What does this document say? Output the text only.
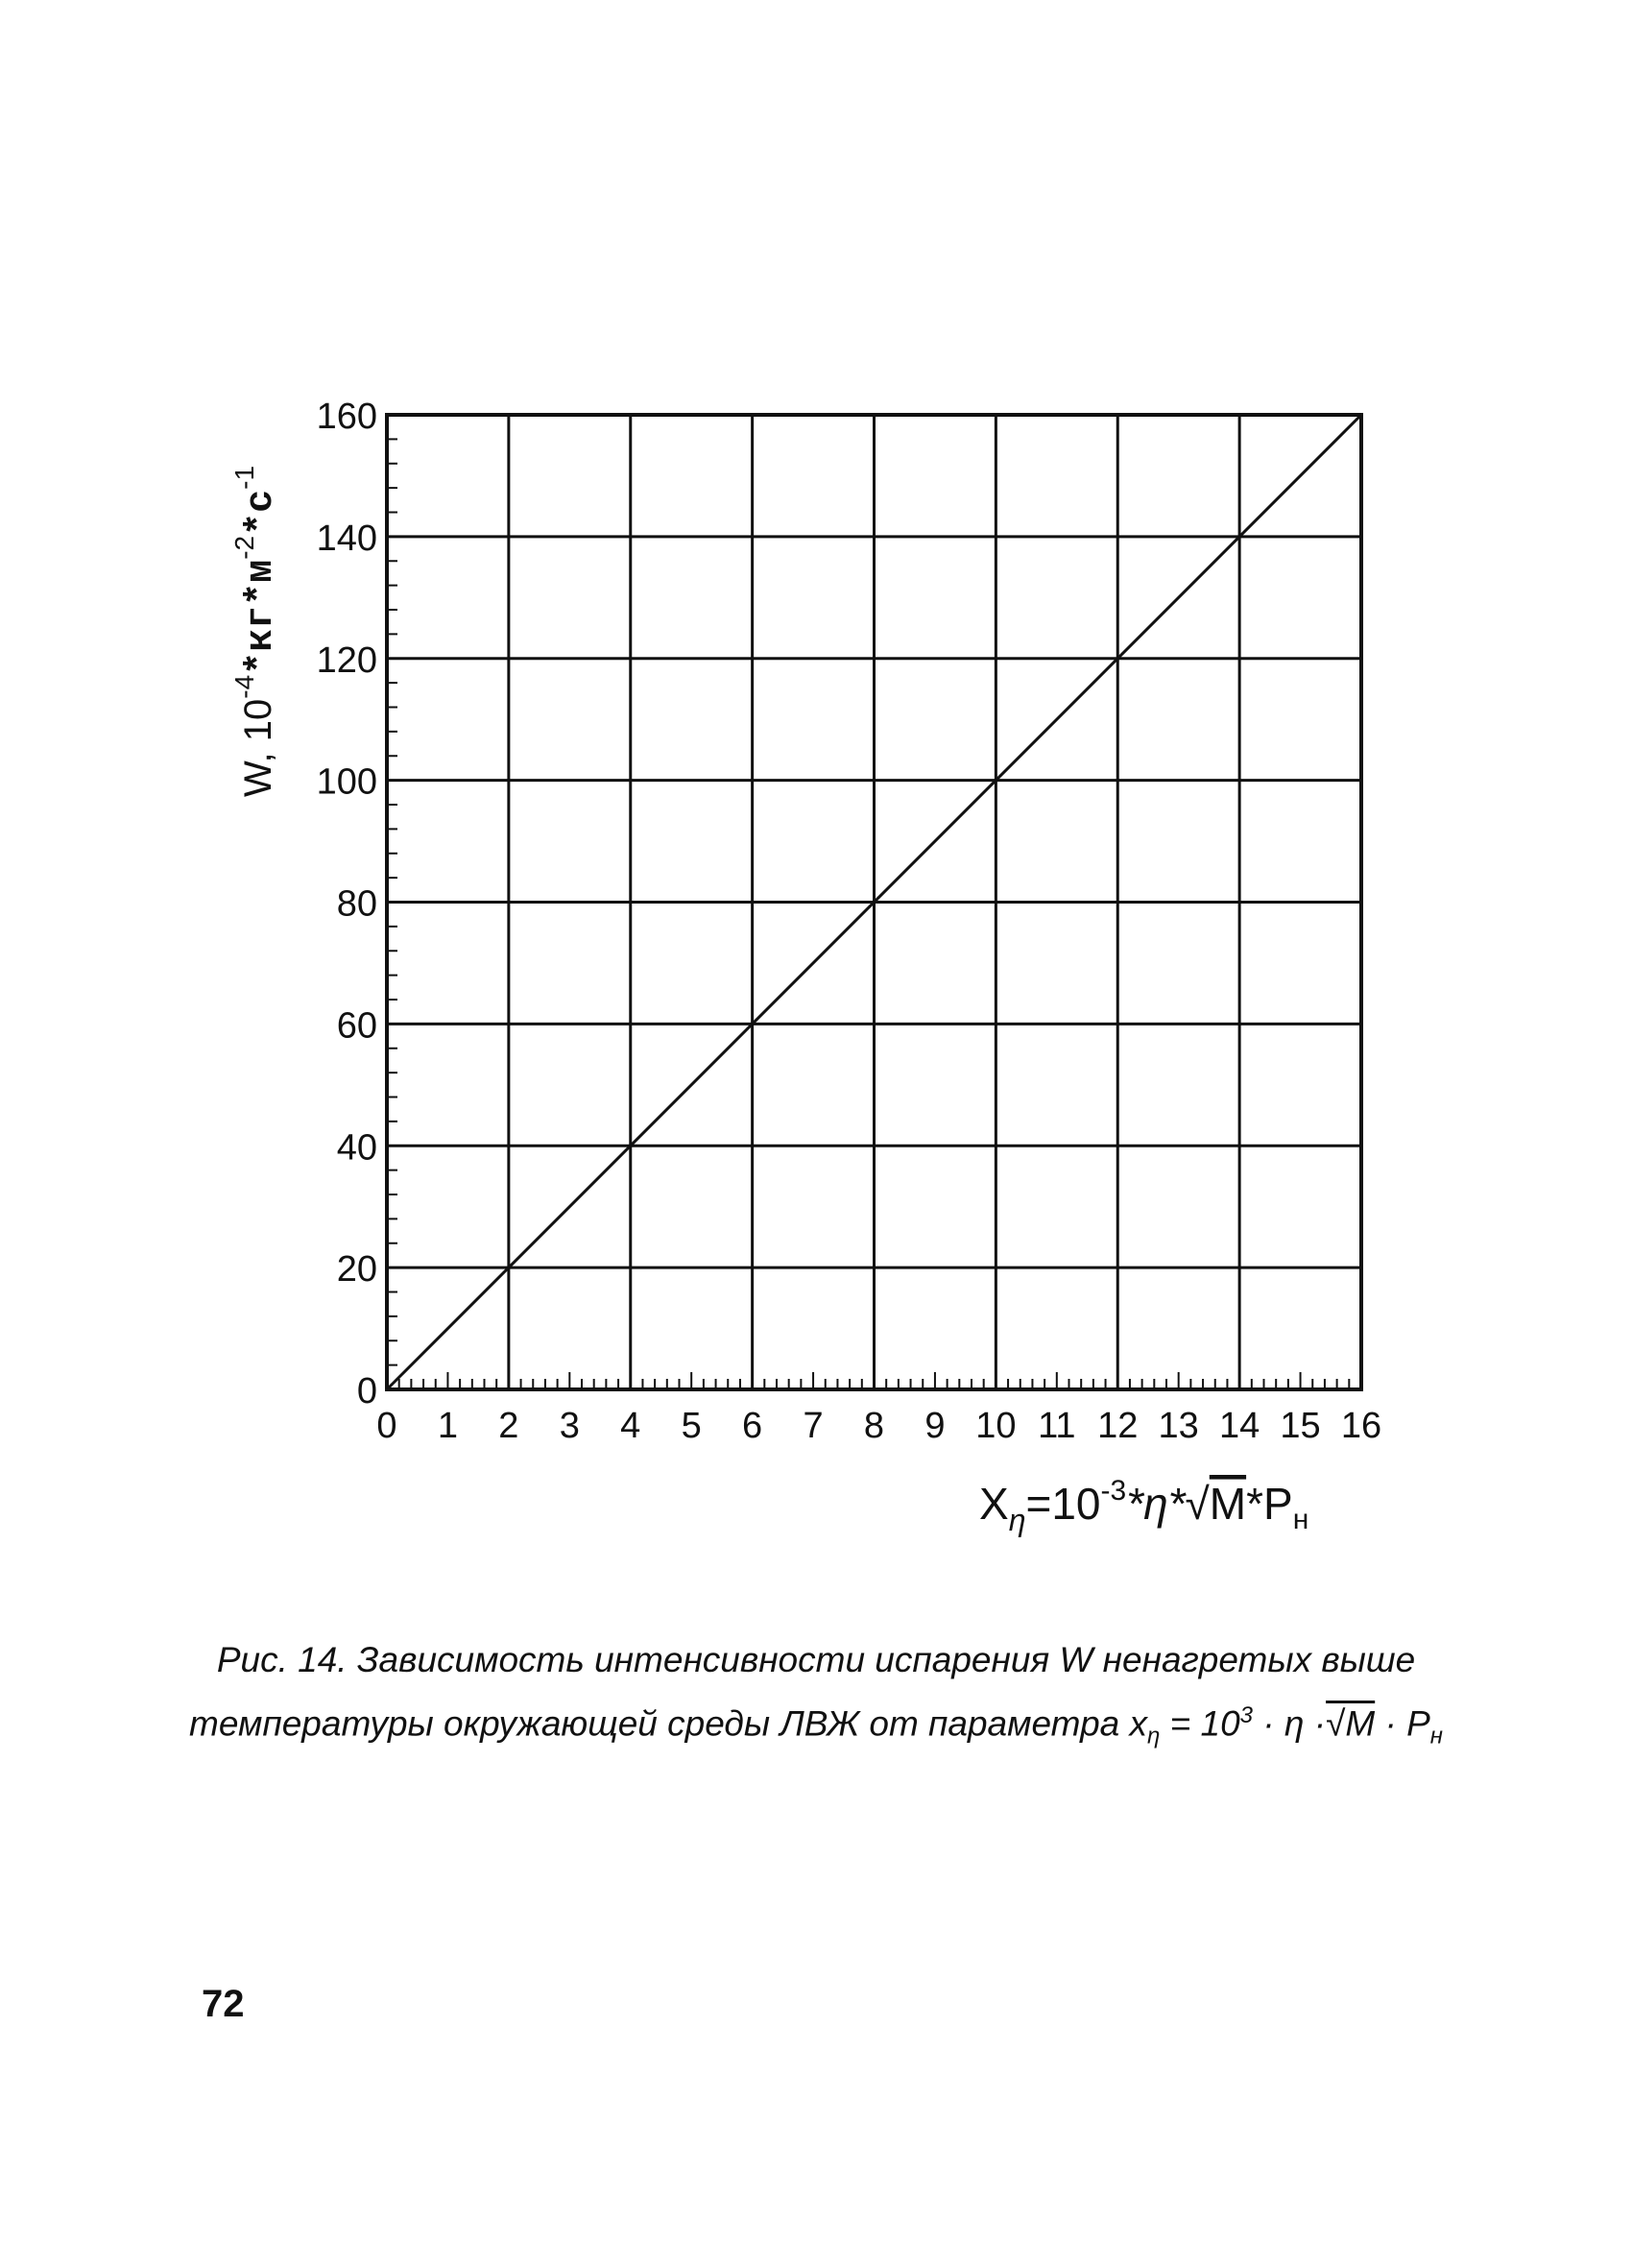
0 1 2 3 4 5 6 7 8 9 10 11 12 13 14 15 16
0
20
40
60
80
100
120
140
160
W, $10^{-4}*кг*м^{-2}*с^{-1}$
$X_\eta=10^{-3}*\eta*√M*P_н$
Рис. 14. Зависимость интенсивности испарения W ненагретых выше
температуры окружающей среды ЛВЖ от параметра $x_\eta = 10^3 \cdot \eta \cdot√M \cdot P_н$
72
